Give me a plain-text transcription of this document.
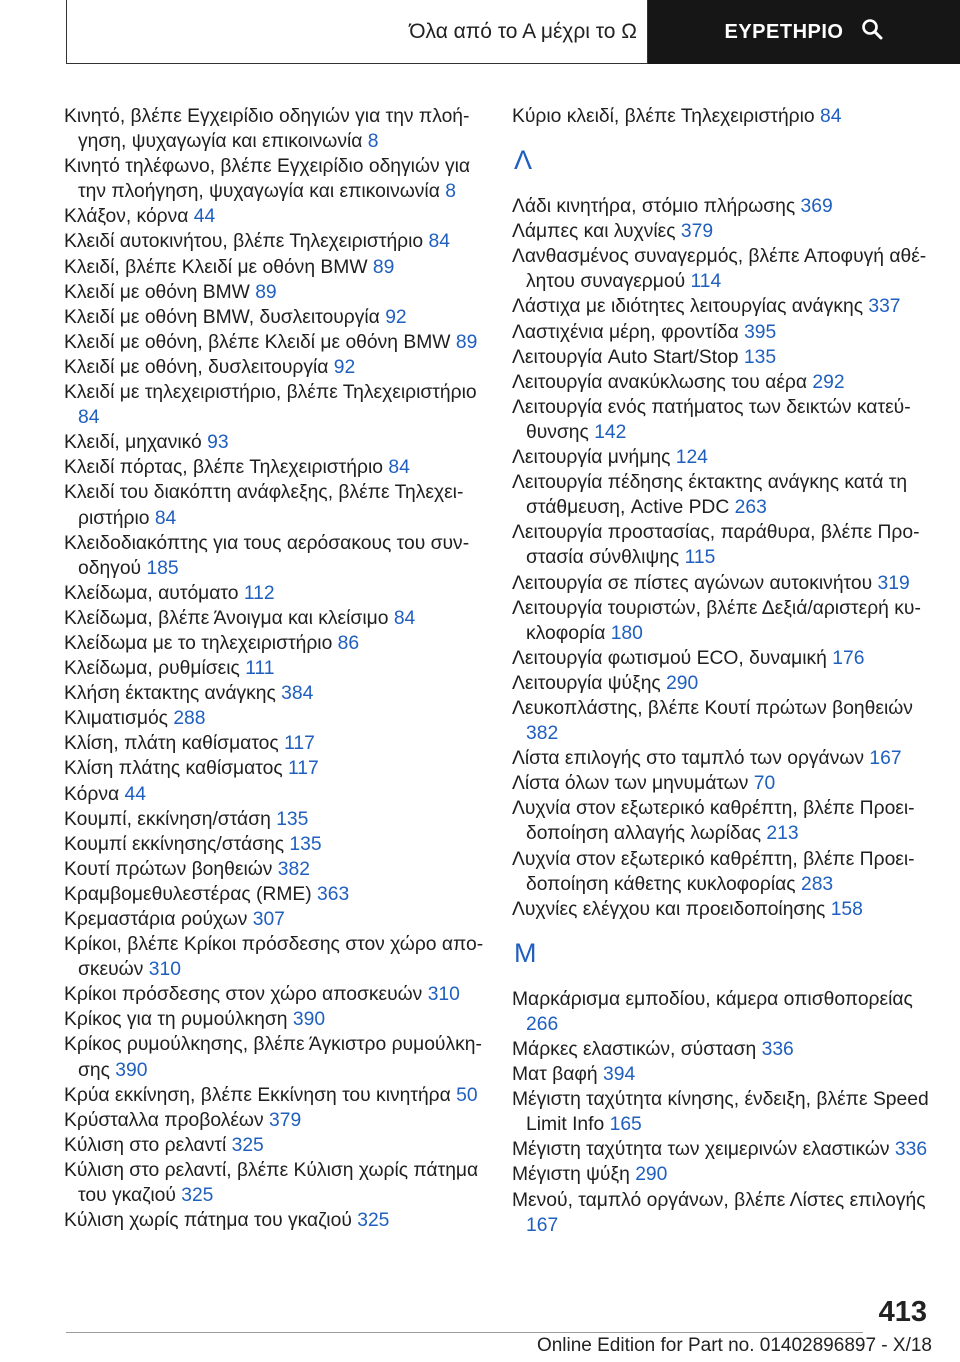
Όλα από το Α μέχρι το Ω	ΕΥΡΕΤΗΡΙΟ
Κινητό, βλέπε Εγχειρίδιο οδηγιών για την πλοήγηση, ψυχαγωγία και επικοινωνία 8
Κινητό τηλέφωνο, βλέπε Εγχειρίδιο οδηγιών για την πλοήγηση, ψυχαγωγία και επικοινωνία 8
Κλάξον, κόρνα 44
Κλειδί αυτοκινήτου, βλέπε Τηλεχειριστήριο 84
Κλειδί, βλέπε Κλειδί με οθόνη BMW 89
Κλειδί με οθόνη BMW 89
Κλειδί με οθόνη BMW, δυσλειτουργία 92
Κλειδί με οθόνη, βλέπε Κλειδί με οθόνη BMW 89
Κλειδί με οθόνη, δυσλειτουργία 92
Κλειδί με τηλεχειριστήριο, βλέπε Τηλεχειριστήριο 84
Κλειδί, μηχανικό 93
Κλειδί πόρτας, βλέπε Τηλεχειριστήριο 84
Κλειδί του διακόπτη ανάφλεξης, βλέπε Τηλεχειριστήριο 84
Κλειδοδιακόπτης για τους αερόσακους του συνοδηγού 185
Κλείδωμα, αυτόματο 112
Κλείδωμα, βλέπε Άνοιγμα και κλείσιμο 84
Κλείδωμα με το τηλεχειριστήριο 86
Κλείδωμα, ρυθμίσεις 111
Κλήση έκτακτης ανάγκης 384
Κλιματισμός 288
Κλίση, πλάτη καθίσματος 117
Κλίση πλάτης καθίσματος 117
Κόρνα 44
Κουμπί, εκκίνηση/στάση 135
Κουμπί εκκίνησης/στάσης 135
Κουτί πρώτων βοηθειών 382
Κραμβομεθυλεστέρας (RME) 363
Κρεμαστάρια ρούχων 307
Κρίκοι, βλέπε Κρίκοι πρόσδεσης στον χώρο αποσκευών 310
Κρίκοι πρόσδεσης στον χώρο αποσκευών 310
Κρίκος για τη ρυμούλκηση 390
Κρίκος ρυμούλκησης, βλέπε Άγκιστρο ρυμούλκησης 390
Κρύα εκκίνηση, βλέπε Εκκίνηση του κινητήρα 50
Κρύσταλλα προβολέων 379
Κύλιση στο ρελαντί 325
Κύλιση στο ρελαντί, βλέπε Κύλιση χωρίς πάτημα του γκαζιού 325
Κύλιση χωρίς πάτημα του γκαζιού 325
Κύριο κλειδί, βλέπε Τηλεχειριστήριο 84
Λ
Λάδι κινητήρα, στόμιο πλήρωσης 369
Λάμπες και λυχνίες 379
Λανθασμένος συναγερμός, βλέπε Αποφυγή αθέλητου συναγερμού 114
Λάστιχα με ιδιότητες λειτουργίας ανάγκης 337
Λαστιχένια μέρη, φροντίδα 395
Λειτουργία Auto Start/Stop 135
Λειτουργία ανακύκλωσης του αέρα 292
Λειτουργία ενός πατήματος των δεικτών κατεύθυνσης 142
Λειτουργία μνήμης 124
Λειτουργία πέδησης έκτακτης ανάγκης κατά τη στάθμευση, Active PDC 263
Λειτουργία προστασίας, παράθυρα, βλέπε Προστασία σύνθλιψης 115
Λειτουργία σε πίστες αγώνων αυτοκινήτου 319
Λειτουργία τουριστών, βλέπε Δεξιά/αριστερή κυκλοφορία 180
Λειτουργία φωτισμού ECO, δυναμική 176
Λειτουργία ψύξης 290
Λευκοπλάστης, βλέπε Κουτί πρώτων βοηθειών 382
Λίστα επιλογής στο ταμπλό των οργάνων 167
Λίστα όλων των μηνυμάτων 70
Λυχνία στον εξωτερικό καθρέπτη, βλέπε Προειδοποίηση αλλαγής λωρίδας 213
Λυχνία στον εξωτερικό καθρέπτη, βλέπε Προειδοποίηση κάθετης κυκλοφορίας 283
Λυχνίες ελέγχου και προειδοποίησης 158
Μ
Μαρκάρισμα εμποδίου, κάμερα οπισθοπορείας 266
Μάρκες ελαστικών, σύσταση 336
Ματ βαφή 394
Μέγιστη ταχύτητα κίνησης, ένδειξη, βλέπε Speed Limit Info 165
Μέγιστη ταχύτητα των χειμερινών ελαστικών 336
Μέγιστη ψύξη 290
Μενού, ταμπλό οργάνων, βλέπε Λίστες επιλογής 167
413
Online Edition for Part no. 01402896897 - X/18
